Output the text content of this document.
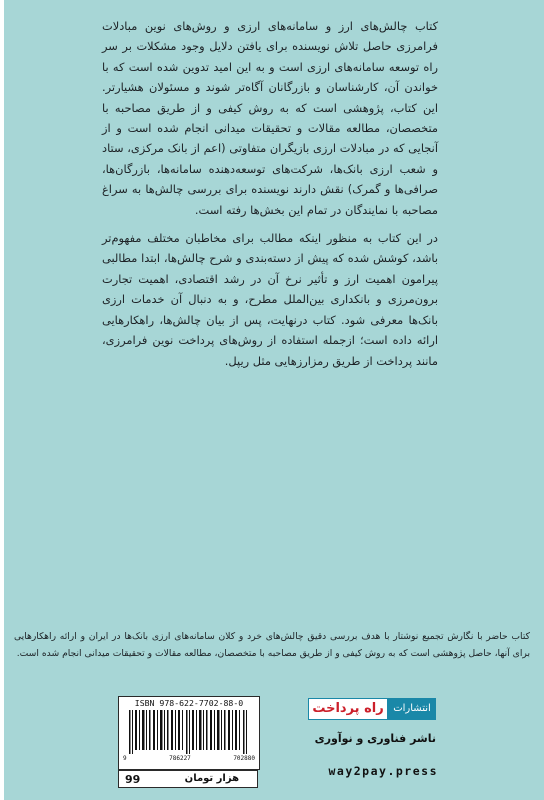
کتاب چالش‌های ارز و سامانه‌های ارزی و روش‌های نوین مبادلات فرامرزی حاصل تلاش نویسنده برای یافتن دلایل وجود مشکلات بر سر راه توسعه سامانه‌های ارزی است و به این امید تدوین شده است که با خواندن آن، کارشناسان و بازرگانان آگاه‌تر شوند و مسئولان هشیارتر. این کتاب، پژوهشی است که به روش کیفی و از طریق مصاحبه با متخصصان، مطالعه مقالات و تحقیقات میدانی انجام شده است و از آنجایی که در مبادلات ارزی بازیگران متفاوتی (اعم از بانک مرکزی، ستاد و شعب ارزی بانک‌ها، شرکت‌های توسعه‌دهنده سامانه‌ها، بازرگان‌ها، صرافی‌ها و گمرک) نقش دارند نویسنده برای بررسی چالش‌ها به سراغ مصاحبه با نمایندگان در تمام این بخش‌ها رفته است.

در این کتاب به منظور اینکه مطالب برای مخاطبان مختلف مفهوم‌تر باشد، کوشش شده که پیش از دسته‌بندی و شرح چالش‌ها، ابتدا مطالبی پیرامون اهمیت ارز و تأثیر نرخ آن در رشد اقتصادی، اهمیت تجارت برون‌مرزی و بانکداری بین‌الملل مطرح، و به دنبال آن خدمات ارزی بانک‌ها معرفی شود. کتاب درنهایت، پس از بیان چالش‌ها، راهکارهایی ارائه داده است؛ ازجمله استفاده از روش‌های پرداخت نوین فرامرزی، مانند پرداخت از طریق رمزارزهایی مثل ریپل.

کتاب حاضر با نگارش تجمیع نوشتار با هدف بررسی دقیق چالش‌های خرد و کلان سامانه‌های ارزی بانک‌ها در ایران و ارائه راهکارهایی برای آنها، حاصل پژوهشی است که به روش کیفی و از طریق مصاحبه با متخصصان، مطالعه مقالات و تحقیقات میدانی انجام شده است.
ISBN 978-622-7702-88-0
9	786227	702880
99	هزار تومان
انتشارات
راه پرداخت
ناشر فناوری و نوآوری
way2pay.press
